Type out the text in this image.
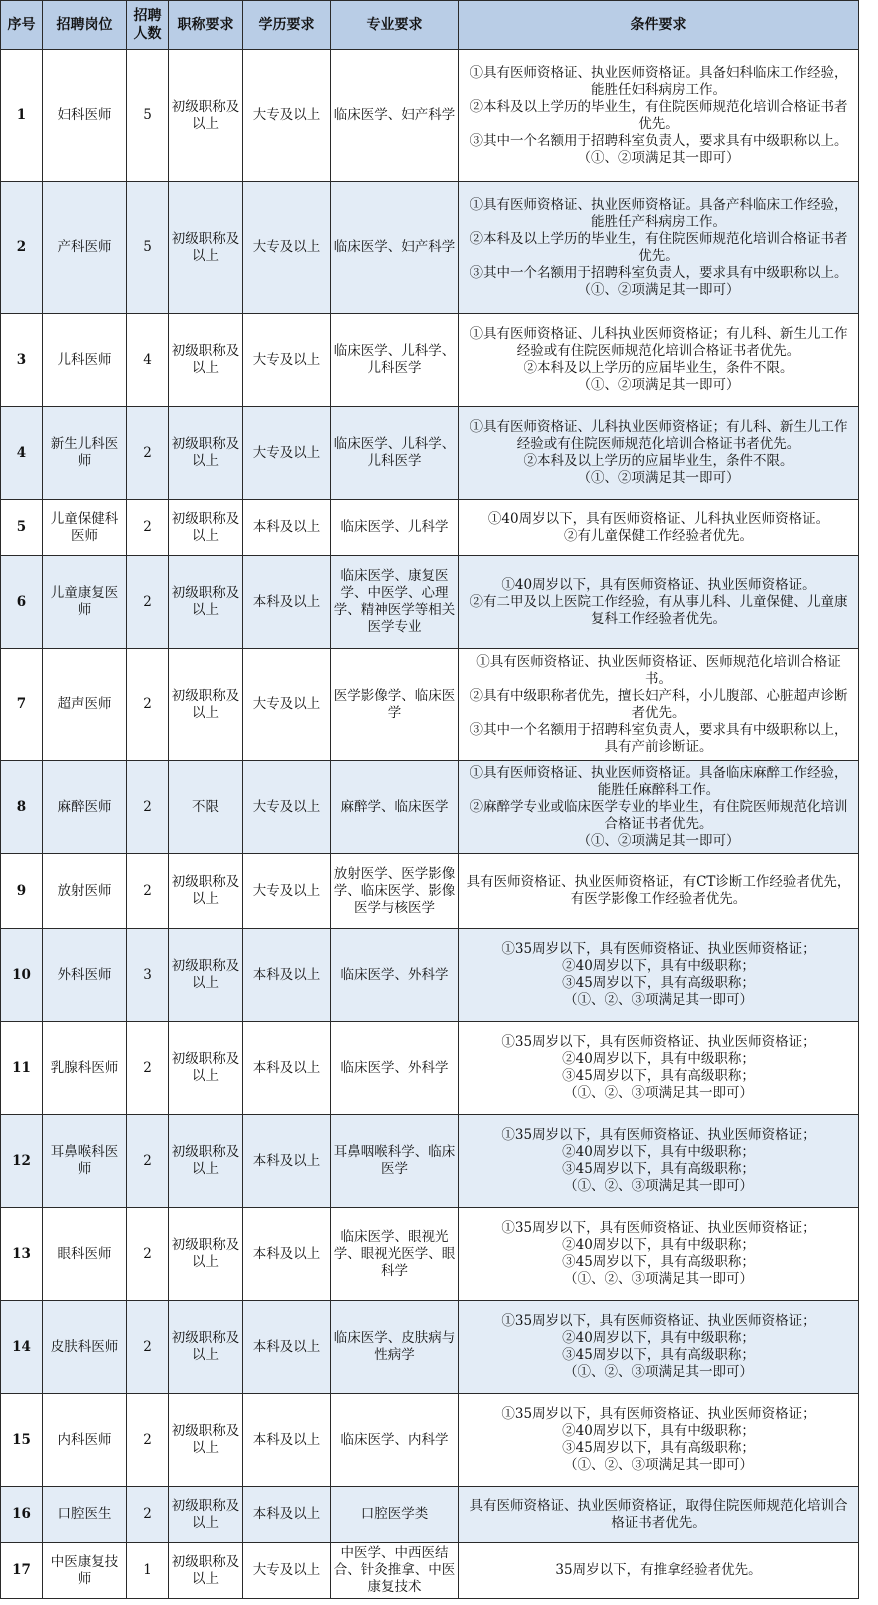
序号	招聘岗位	招聘人数	职称要求	学历要求	专业要求	条件要求
1	妇科医师	5	初级职称及以上	大专及以上	临床医学、妇产科学	①具有医师资格证、执业医师资格证。具备妇科临床工作经验，能胜任妇科病房工作。
②本科及以上学历的毕业生，有住院医师规范化培训合格证书者优先。
③其中一个名额用于招聘科室负责人，要求具有中级职称以上。
（①、②项满足其一即可）

2	产科医师	5	初级职称及以上	大专及以上	临床医学、妇产科学	①具有医师资格证、执业医师资格证。具备产科临床工作经验，能胜任产科病房工作。
②本科及以上学历的毕业生，有住院医师规范化培训合格证书者优先。
③其中一个名额用于招聘科室负责人，要求具有中级职称以上。
（①、②项满足其一即可）

3	儿科医师	4	初级职称及以上	大专及以上	临床医学、儿科学、儿科医学	①具有医师资格证、儿科执业医师资格证；有儿科、新生儿工作经验或有住院医师规范化培训合格证书者优先。
②本科及以上学历的应届毕业生，条件不限。
（①、②项满足其一即可）

4	新生儿科医师	2	初级职称及以上	大专及以上	临床医学、儿科学、儿科医学	①具有医师资格证、儿科执业医师资格证；有儿科、新生儿工作经验或有住院医师规范化培训合格证书者优先。
②本科及以上学历的应届毕业生，条件不限。
（①、②项满足其一即可）

5	儿童保健科医师	2	初级职称及以上	本科及以上	临床医学、儿科学	①40周岁以下，具有医师资格证、儿科执业医师资格证。
②有儿童保健工作经验者优先。

6	儿童康复医师	2	初级职称及以上	本科及以上	临床医学、康复医学、中医学、心理学、精神医学等相关医学专业	①40周岁以下，具有医师资格证、执业医师资格证。
②有二甲及以上医院工作经验，有从事儿科、儿童保健、儿童康复科工作经验者优先。

7	超声医师	2	初级职称及以上	大专及以上	医学影像学、临床医学	①具有医师资格证、执业医师资格证、医师规范化培训合格证书。
②具有中级职称者优先，擅长妇产科，小儿腹部、心脏超声诊断者优先。
③其中一个名额用于招聘科室负责人，要求具有中级职称以上，具有产前诊断证。

8	麻醉医师	2	不限	大专及以上	麻醉学、临床医学	①具有医师资格证、执业医师资格证。具备临床麻醉工作经验，能胜任麻醉科工作。
②麻醉学专业或临床医学专业的毕业生，有住院医师规范化培训合格证书者优先。
（①、②项满足其一即可）

9	放射医师	2	初级职称及以上	大专及以上	放射医学、医学影像学、临床医学、影像医学与核医学	具有医师资格证、执业医师资格证，有CT诊断工作经验者优先，有医学影像工作经验者优先。

10	外科医师	3	初级职称及以上	本科及以上	临床医学、外科学	①35周岁以下，具有医师资格证、执业医师资格证；
②40周岁以下，具有中级职称；
③45周岁以下，具有高级职称；
（①、②、③项满足其一即可）

11	乳腺科医师	2	初级职称及以上	本科及以上	临床医学、外科学	①35周岁以下，具有医师资格证、执业医师资格证；
②40周岁以下，具有中级职称；
③45周岁以下，具有高级职称；
（①、②、③项满足其一即可）

12	耳鼻喉科医师	2	初级职称及以上	本科及以上	耳鼻咽喉科学、临床医学	①35周岁以下，具有医师资格证、执业医师资格证；
②40周岁以下，具有中级职称；
③45周岁以下，具有高级职称；
（①、②、③项满足其一即可）

13	眼科医师	2	初级职称及以上	本科及以上	临床医学、眼视光学、眼视光医学、眼科学	①35周岁以下，具有医师资格证、执业医师资格证；
②40周岁以下，具有中级职称；
③45周岁以下，具有高级职称；
（①、②、③项满足其一即可）

14	皮肤科医师	2	初级职称及以上	本科及以上	临床医学、皮肤病与性病学	①35周岁以下，具有医师资格证、执业医师资格证；
②40周岁以下，具有中级职称；
③45周岁以下，具有高级职称；
（①、②、③项满足其一即可）

15	内科医师	2	初级职称及以上	本科及以上	临床医学、内科学	①35周岁以下，具有医师资格证、执业医师资格证；
②40周岁以下，具有中级职称；
③45周岁以下，具有高级职称；
（①、②、③项满足其一即可）

16	口腔医生	2	初级职称及以上	本科及以上	口腔医学类	具有医师资格证、执业医师资格证，取得住院医师规范化培训合格证书者优先。

17	中医康复技师	1	初级职称及以上	大专及以上	中医学、中西医结合、针灸推拿、中医康复技术	35周岁以下，有推拿经验者优先。
